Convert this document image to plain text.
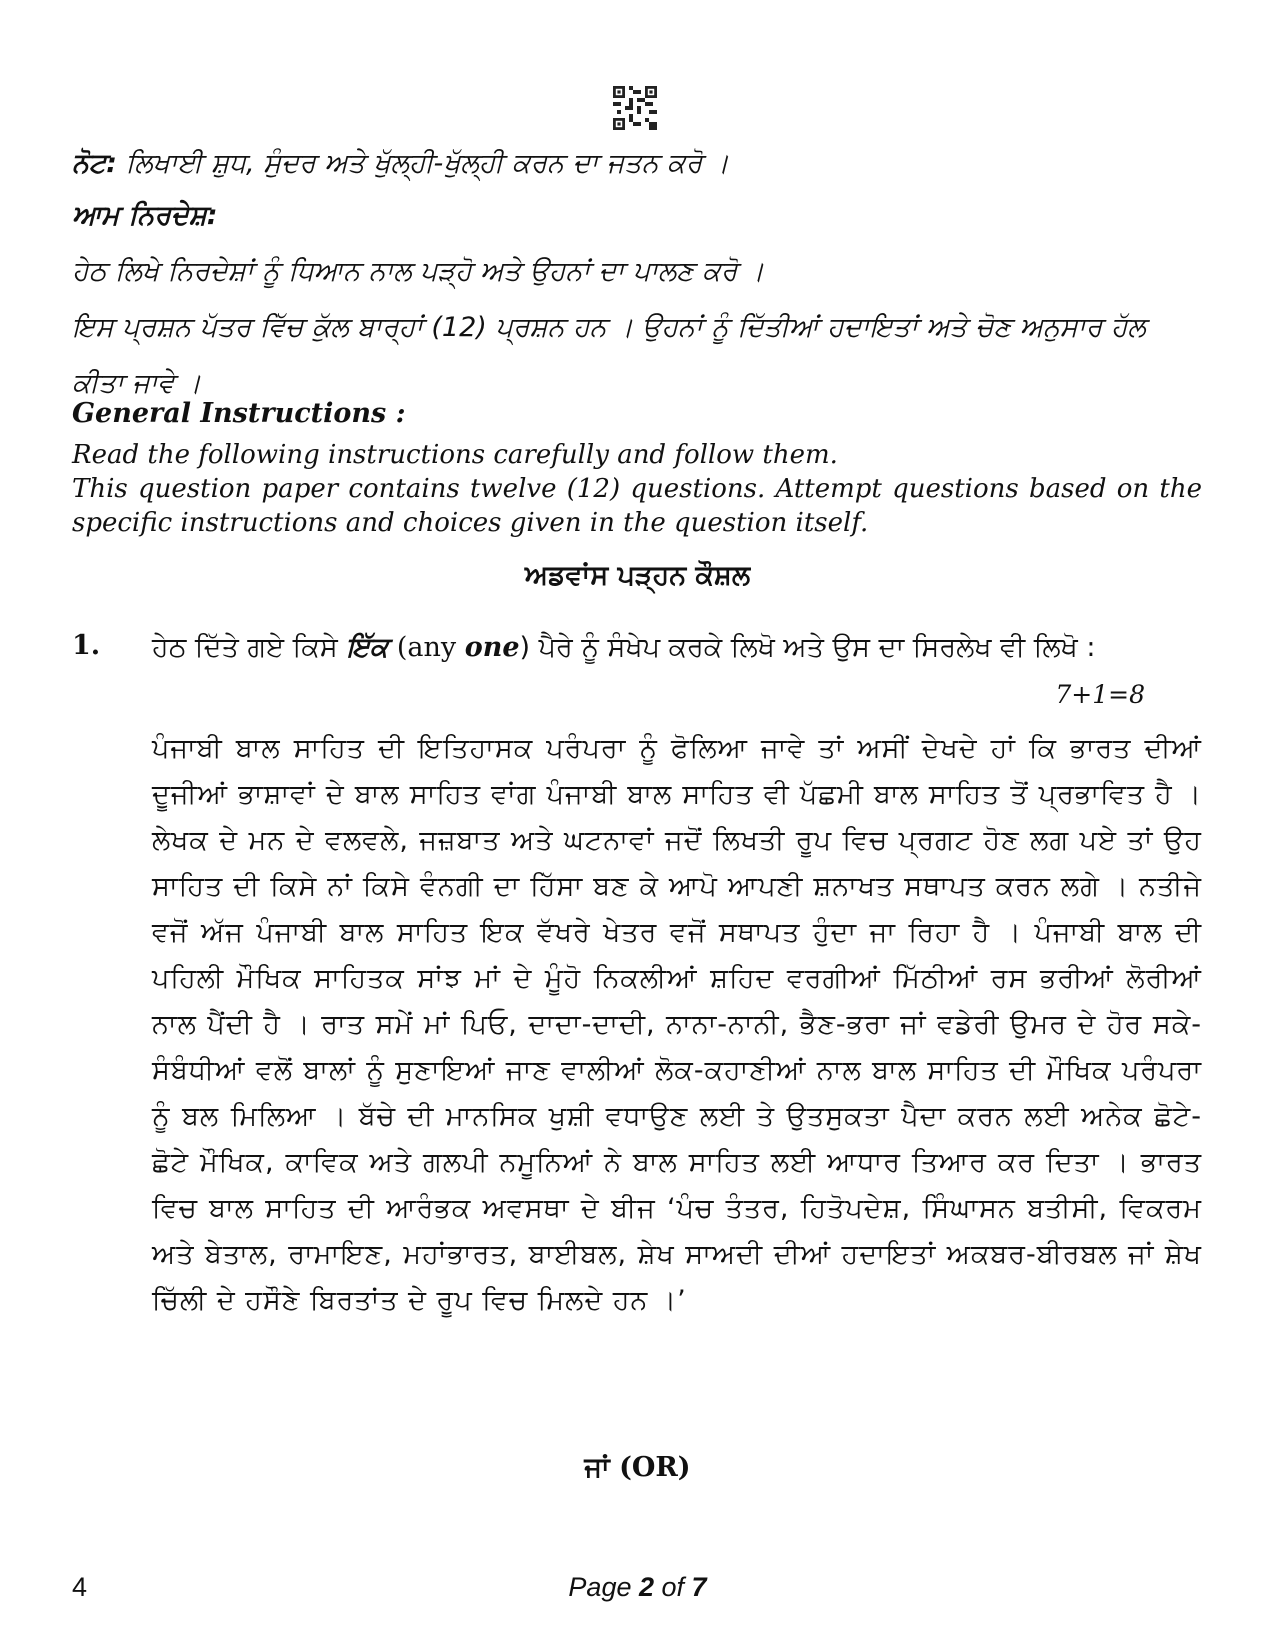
ਨੋਟ: ਲਿਖਾਈ ਸ਼ੁਧ, ਸੁੰਦਰ ਅਤੇ ਖੁੱਲ੍ਹੀ-ਖੁੱਲ੍ਹੀ ਕਰਨ ਦਾ ਜਤਨ ਕਰੋ ।
ਆਮ ਨਿਰਦੇਸ਼:
ਹੇਠ ਲਿਖੇ ਨਿਰਦੇਸ਼ਾਂ ਨੂੰ ਧਿਆਨ ਨਾਲ ਪੜ੍ਹੋ ਅਤੇ ਉਹਨਾਂ ਦਾ ਪਾਲਣ ਕਰੋ ।
ਇਸ ਪ੍ਰਸ਼ਨ ਪੱਤਰ ਵਿੱਚ ਕੁੱਲ ਬਾਰ੍ਹਾਂ (12) ਪ੍ਰਸ਼ਨ ਹਨ । ਉਹਨਾਂ ਨੂੰ ਦਿੱਤੀਆਂ ਹਦਾਇਤਾਂ ਅਤੇ ਚੋਣ ਅਨੁਸਾਰ ਹੱਲ ਕੀਤਾ ਜਾਵੇ ।
General Instructions :
Read the following instructions carefully and follow them.
This question paper contains twelve (12) questions. Attempt questions based on the specific instructions and choices given in the question itself.
ਅਡਵਾਂਸ ਪੜ੍ਹਨ ਕੌਸ਼ਲ
1. ਹੇਠ ਦਿੱਤੇ ਗਏ ਕਿਸੇ ਇੱਕ (any one) ਪੈਰੇ ਨੂੰ ਸੰਖੇਪ ਕਰਕੇ ਲਿਖੋ ਅਤੇ ਉਸ ਦਾ ਸਿਰਲੇਖ ਵੀ ਲਿਖੋ :
7+1=8
ਪੰਜਾਬੀ ਬਾਲ ਸਾਹਿਤ ਦੀ ਇਤਿਹਾਸਕ ਪਰੰਪਰਾ ਨੂੰ ਫੋਲਿਆ ਜਾਵੇ ਤਾਂ ਅਸੀਂ ਦੇਖਦੇ ਹਾਂ ਕਿ ਭਾਰਤ ਦੀਆਂ ਦੂਜੀਆਂ ਭਾਸ਼ਾਵਾਂ ਦੇ ਬਾਲ ਸਾਹਿਤ ਵਾਂਗ ਪੰਜਾਬੀ ਬਾਲ ਸਾਹਿਤ ਵੀ ਪੱਛਮੀ ਬਾਲ ਸਾਹਿਤ ਤੋਂ ਪ੍ਰਭਾਵਿਤ ਹੈ । ਲੇਖਕ ਦੇ ਮਨ ਦੇ ਵਲਵਲੇ, ਜਜ਼ਬਾਤ ਅਤੇ ਘਟਨਾਵਾਂ ਜਦੋਂ ਲਿਖਤੀ ਰੂਪ ਵਿਚ ਪ੍ਰਗਟ ਹੋਣ ਲਗ ਪਏ ਤਾਂ ਉਹ ਸਾਹਿਤ ਦੀ ਕਿਸੇ ਨਾਂ ਕਿਸੇ ਵੰਨਗੀ ਦਾ ਹਿੱਸਾ ਬਣ ਕੇ ਆਪੋ ਆਪਣੀ ਸ਼ਨਾਖਤ ਸਥਾਪਤ ਕਰਨ ਲਗੇ । ਨਤੀਜੇ ਵਜੋਂ ਅੱਜ ਪੰਜਾਬੀ ਬਾਲ ਸਾਹਿਤ ਇਕ ਵੱਖਰੇ ਖੇਤਰ ਵਜੋਂ ਸਥਾਪਤ ਹੁੰਦਾ ਜਾ ਰਿਹਾ ਹੈ । ਪੰਜਾਬੀ ਬਾਲ ਦੀ ਪਹਿਲੀ ਮੌਖਿਕ ਸਾਹਿਤਕ ਸਾਂਝ ਮਾਂ ਦੇ ਮੂੰਹੋ ਨਿਕਲੀਆਂ ਸ਼ਹਿਦ ਵਰਗੀਆਂ ਮਿੱਠੀਆਂ ਰਸ ਭਰੀਆਂ ਲੋਰੀਆਂ ਨਾਲ ਪੈਂਦੀ ਹੈ । ਰਾਤ ਸਮੇਂ ਮਾਂ ਪਿਓ, ਦਾਦਾ-ਦਾਦੀ, ਨਾਨਾ-ਨਾਨੀ, ਭੈਣ-ਭਰਾ ਜਾਂ ਵਡੇਰੀ ਉਮਰ ਦੇ ਹੋਰ ਸਕੇ-ਸੰਬੰਧੀਆਂ ਵਲੋਂ ਬਾਲਾਂ ਨੂੰ ਸੁਣਾਇਆਂ ਜਾਣ ਵਾਲੀਆਂ ਲੋਕ-ਕਹਾਣੀਆਂ ਨਾਲ ਬਾਲ ਸਾਹਿਤ ਦੀ ਮੌਖਿਕ ਪਰੰਪਰਾ ਨੂੰ ਬਲ ਮਿਲਿਆ । ਬੱਚੇ ਦੀ ਮਾਨਸਿਕ ਖੁਸ਼ੀ ਵਧਾਉਣ ਲਈ ਤੇ ਉਤਸੁਕਤਾ ਪੈਦਾ ਕਰਨ ਲਈ ਅਨੇਕ ਛੋਟੇ-ਛੋਟੇ ਮੌਖਿਕ, ਕਾਵਿਕ ਅਤੇ ਗਲਪੀ ਨਮੂਨਿਆਂ ਨੇ ਬਾਲ ਸਾਹਿਤ ਲਈ ਆਧਾਰ ਤਿਆਰ ਕਰ ਦਿਤਾ । ਭਾਰਤ ਵਿਚ ਬਾਲ ਸਾਹਿਤ ਦੀ ਆਰੰਭਕ ਅਵਸਥਾ ਦੇ ਬੀਜ ‘ਪੰਚ ਤੰਤਰ, ਹਿਤੋਪਦੇਸ਼, ਸਿੰਘਾਸਨ ਬਤੀਸੀ, ਵਿਕਰਮ ਅਤੇ ਬੇਤਾਲ, ਰਾਮਾਇਣ, ਮਹਾਂਭਾਰਤ, ਬਾਈਬਲ, ਸ਼ੇਖ ਸਾਅਦੀ ਦੀਆਂ ਹਦਾਇਤਾਂ ਅਕਬਰ-ਬੀਰਬਲ ਜਾਂ ਸ਼ੇਖ ਚਿੱਲੀ ਦੇ ਹਸੌਣੇ ਬਿਰਤਾਂਤ ਦੇ ਰੂਪ ਵਿਚ ਮਿਲਦੇ ਹਨ ।’
ਜਾਂ (OR)
4	Page 2 of 7
